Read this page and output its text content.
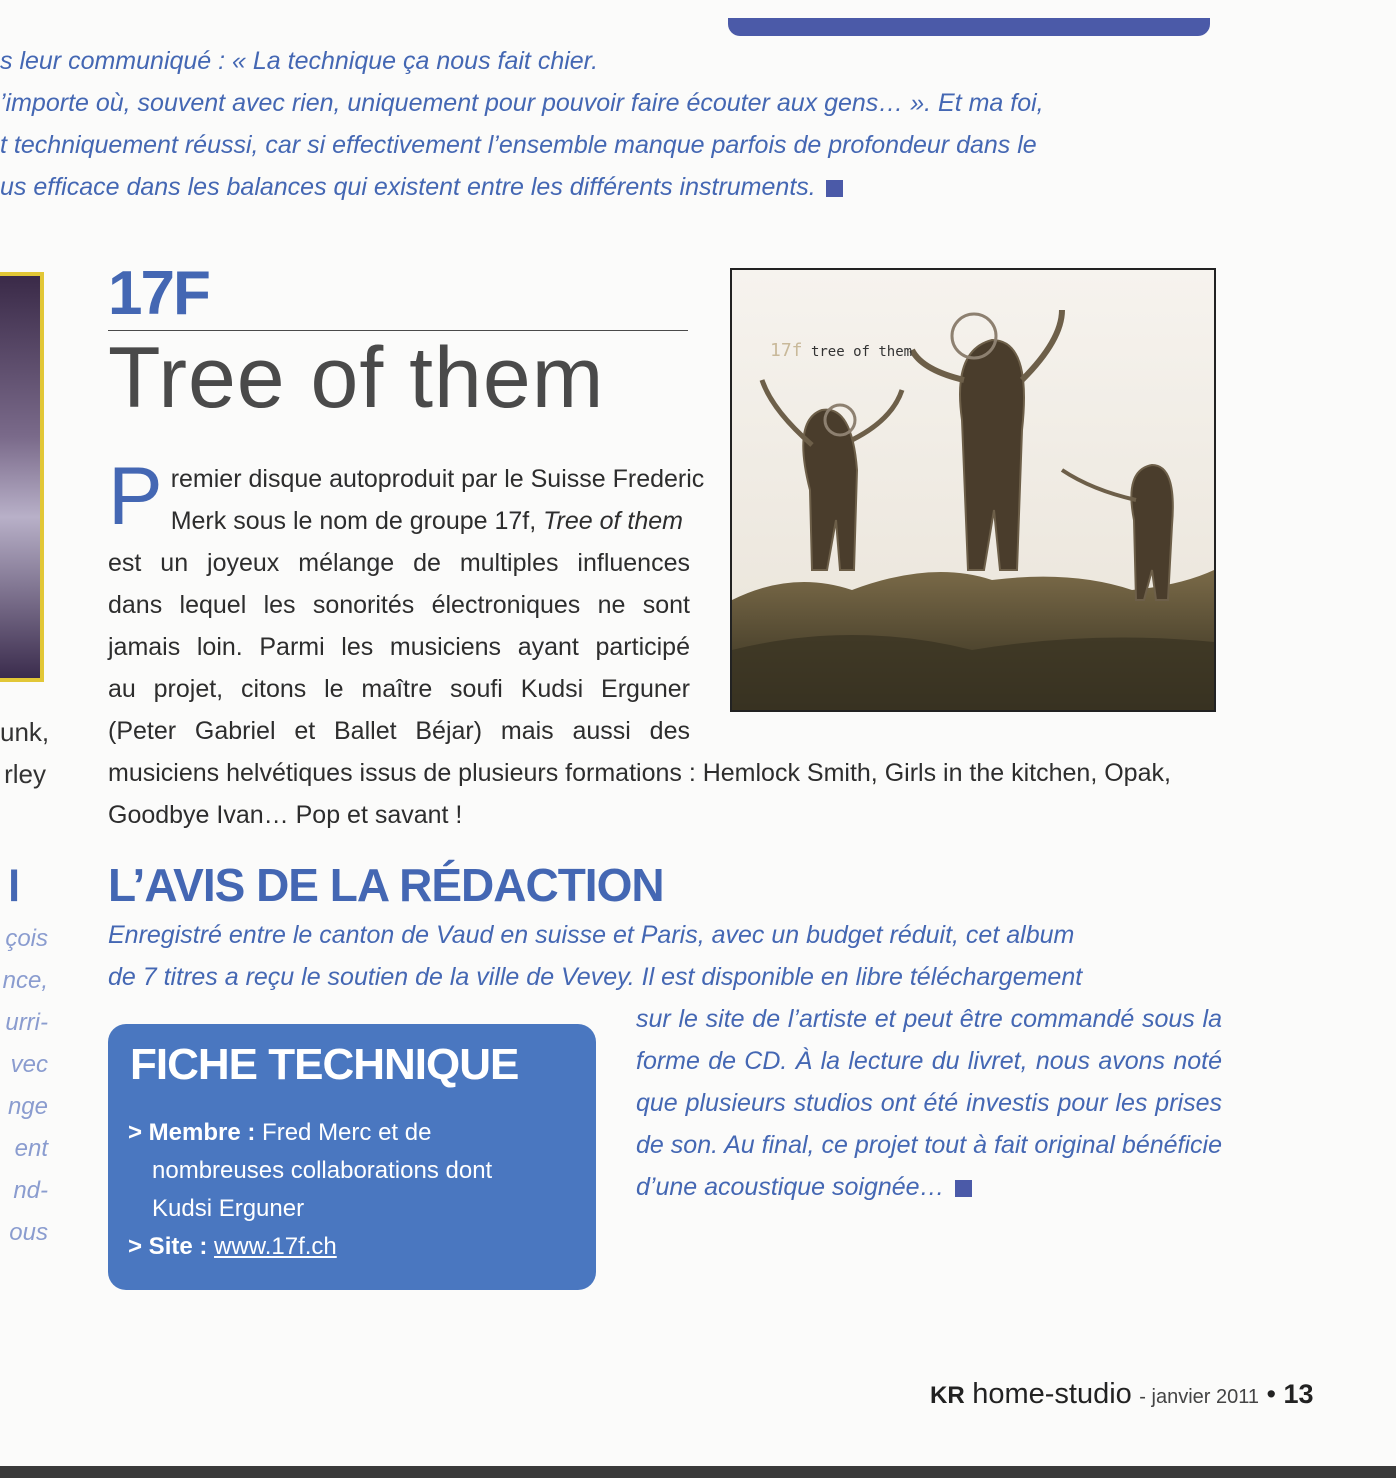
s leur communiqué : « La technique ça nous fait chier.
’importe où, souvent avec rien, uniquement pour pouvoir faire écouter aux gens… ». Et ma foi,
t techniquement réussi, car si effectivement l’ensemble manque parfois de profondeur dans le
us efficace dans les balances qui existent entre les différents instruments.
unk,
rley
l
çois
nce,
urri-
vec
nge
ent
nd-
ous
17F
Tree of them
P remier disque autoproduit par le Suisse Frederic
Merk sous le nom de groupe 17f, Tree of them
est un joyeux mélange de multiples influences
dans lequel les sonorités électroniques ne sont
jamais loin. Parmi les musiciens ayant participé
au projet, citons le maître soufi Kudsi Erguner
(Peter Gabriel et Ballet Béjar) mais aussi des
musiciens helvétiques issus de plusieurs formations : Hemlock Smith, Girls in the kitchen, Opak, Goodbye Ivan… Pop et savant !
17f tree of them
L’AVIS DE LA RÉDACTION
Enregistré entre le canton de Vaud en suisse et Paris, avec un budget réduit, cet album
de 7 titres a reçu le soutien de la ville de Vevey. Il est disponible en libre téléchargement
sur le site de l’artiste et peut être commandé sous la forme de CD. À la lecture du livret, nous avons noté que plusieurs studios ont été investis pour les prises de son. Au final, ce projet tout à fait original bénéficie d’une acoustique soignée…
FICHE TECHNIQUE
> Membre : Fred Merc et de
nombreuses collaborations dont
Kudsi Erguner
> Site : www.17f.ch
KR home-studio - janvier 2011 • 13
